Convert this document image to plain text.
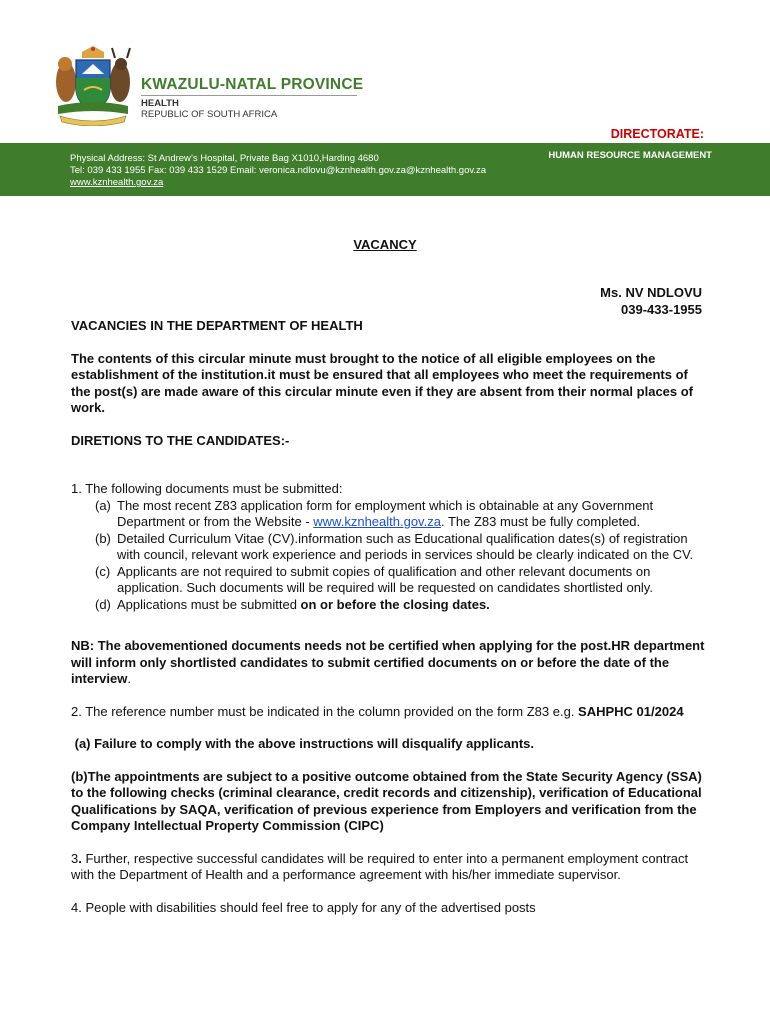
KWAZULU-NATAL PROVINCE
HEALTH
REPUBLIC OF SOUTH AFRICA
DIRECTORATE:
Physical Address: St Andrew’s Hospital, Private Bag X1010,Harding 4680
Tel: 039 433 1955 Fax: 039 433 1529 Email: veronica.ndlovu@kznhealth.gov.za@kznhealth.gov.za
www.kznhealth.gov.za
HUMAN RESOURCE MANAGEMENT
VACANCY
Ms. NV NDLOVU
039-433-1955

VACANCIES IN THE DEPARTMENT OF HEALTH

The contents of this circular minute must brought to the notice of all eligible employees on the establishment of the institution.it must be ensured that all employees who meet the requirements of the post(s) are made aware of this circular minute even if they are absent from their normal places of work.

DIRETIONS TO THE CANDIDATES:-

1. The following documents must be submitted:

(a) The most recent Z83 application form for employment which is obtainable at any Government Department or from the Website - www.kznhealth.gov.za. The Z83 must be fully completed.
(b) Detailed Curriculum Vitae (CV).information such as Educational qualification dates(s) of registration with council, relevant work experience and periods in services should be clearly indicated on the CV.
(c) Applicants are not required to submit copies of qualification and other relevant documents on application. Such documents will be required will be requested on candidates shortlisted only.
(d) Applications must be submitted on or before the closing dates.

NB: The abovementioned documents needs not be certified when applying for the post.HR department will inform only shortlisted candidates to submit certified documents on or before the date of the interview.

2. The reference number must be indicated in the column provided on the form Z83 e.g. SAHPHC 01/2024

(a) Failure to comply with the above instructions will disqualify applicants.

(b)The appointments are subject to a positive outcome obtained from the State Security Agency (SSA) to the following checks (criminal clearance, credit records and citizenship), verification of Educational Qualifications by SAQA, verification of previous experience from Employers and verification from the Company Intellectual Property Commission (CIPC)

3. Further, respective successful candidates will be required to enter into a permanent employment contract with the Department of Health and a performance agreement with his/her immediate supervisor.

4. People with disabilities should feel free to apply for any of the advertised posts
